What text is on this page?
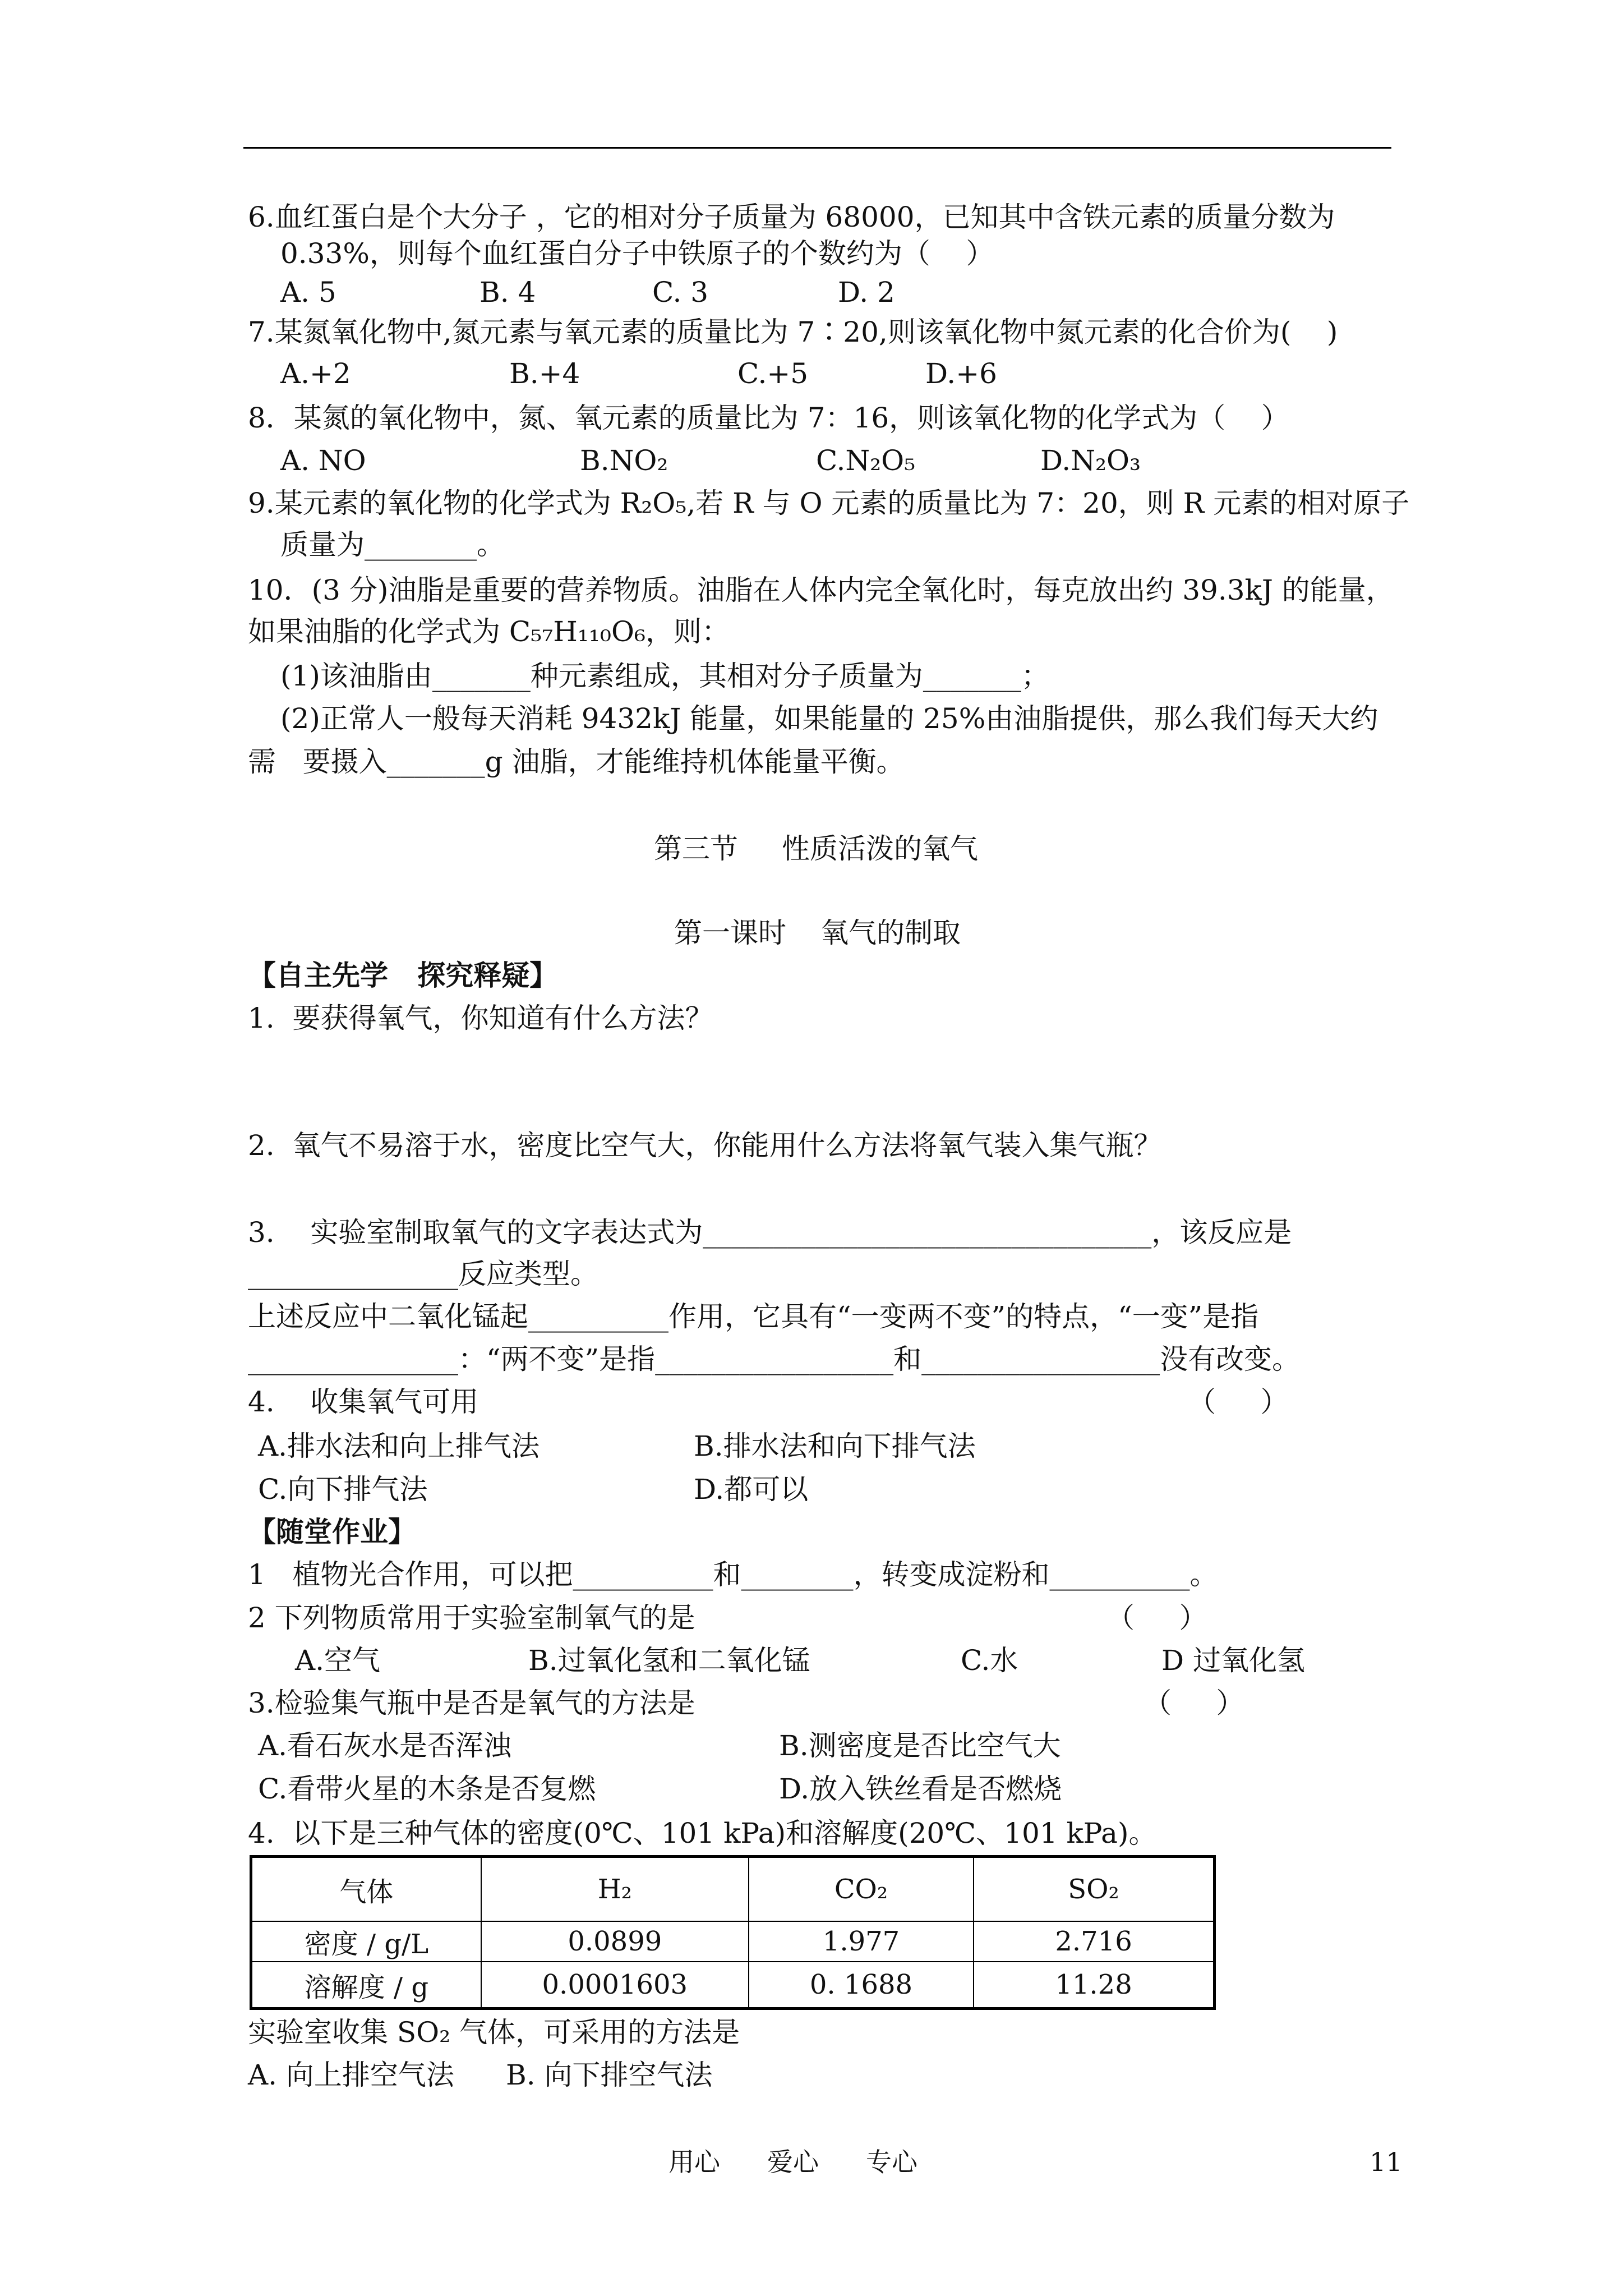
6.血红蛋白是个大分子 ，它的相对分子质量为 68000，已知其中含铁元素的质量分数为
0.33%，则每个血红蛋白分子中铁原子的个数约为（    ）
A. 5	B. 4	C. 3	D. 2
7.某氮氧化物中,氮元素与氧元素的质量比为 7∶20,则该氧化物中氮元素的化合价为(    )
A.+2	B.+4	C.+5	D.+6
8．某氮的氧化物中，氮、氧元素的质量比为 7：16，则该氧化物的化学式为（    ）
A. NO	B.NO₂	C.N₂O₅	D.N₂O₃
9.某元素的氧化物的化学式为 R₂O₅,若 R 与 O 元素的质量比为 7：20，则 R 元素的相对原子
质量为________。
10．(3 分)油脂是重要的营养物质。油脂在人体内完全氧化时，每克放出约 39.3kJ 的能量，
如果油脂的化学式为 C₅₇H₁₁₀O₆，则：
(1)该油脂由_______种元素组成，其相对分子质量为_______；
(2)正常人一般每天消耗 9432kJ 能量，如果能量的 25%由油脂提供，那么我们每天大约
需   要摄入_______g 油脂，才能维持机体能量平衡。
第三节 性质活泼的氧气
第一课时 氧气的制取
【自主先学   探究释疑】
1.  要获得氧气，你知道有什么方法？
2.  氧气不易溶于水，密度比空气大，你能用什么方法将氧气装入集气瓶？
3.    实验室制取氧气的文字表达式为________________________________，该反应是
_______________反应类型。
上述反应中二氧化锰起__________作用，它具有“一变两不变”的特点，“一变”是指
_______________：“两不变”是指_________________和_________________没有改变。
4.    收集氧气可用	（     ）
A.排水法和向上排气法	B.排水法和向下排气法
C.向下排气法	D.都可以
【随堂作业】
1   植物光合作用，可以把__________和________，转变成淀粉和__________。
2 下列物质常用于实验室制氧气的是	（     ）
A.空气	B.过氧化氢和二氧化锰	C.水	D 过氧化氢
3.检验集气瓶中是否是氧气的方法是	（     ）
A.看石灰水是否浑浊	B.测密度是否比空气大
C.看带火星的木条是否复燃	D.放入铁丝看是否燃烧
4.  以下是三种气体的密度(0℃、101 kPa)和溶解度(20℃、101 kPa)。
气体	H₂	CO₂	SO₂
密度 / g/L	0.0899	1.977	2.716
溶解度 / g	0.0001603	0. 1688	11.28
实验室收集 SO₂ 气体，可采用的方法是
A. 向上排空气法 B. 向下排空气法
用心 爱心 专心	11
